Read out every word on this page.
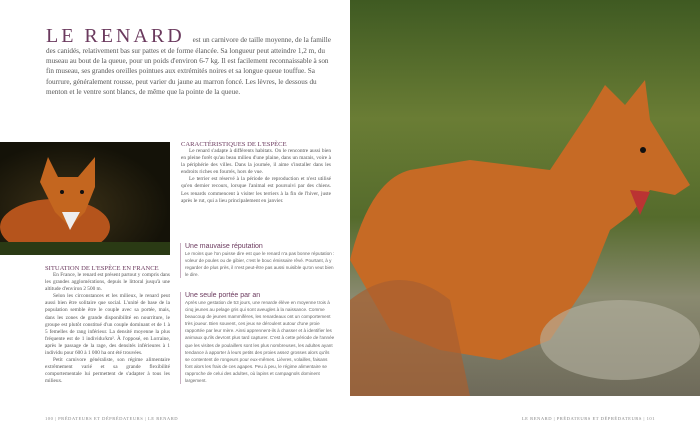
LE RENARD est un carnivore de taille moyenne, de la famille des canidés, relativement bas sur pattes et de forme élancée. Sa longueur peut atteindre 1,2 m, du museau au bout de la queue, pour un poids d'environ 6-7 kg. Il est facilement reconnaissable à son fin museau, ses grandes oreilles pointues aux extrémités noires et sa longue queue touffue. Sa fourrure, généralement rousse, peut varier du jaune au marron foncé. Les lèvres, le dessous du menton et le ventre sont blancs, de même que la pointe de la queue.
CARACTÉRISTIQUES DE L'ESPÈCE

Le renard s'adapte à différents habitats. On le rencontre aussi bien en pleine forêt qu'au beau milieu d'une plaine, dans un marais, voire à la périphérie des villes. Dans la journée, il aime s'installer dans les endroits riches en fourrés, hors de vue.

Le terrier est réservé à la période de reproduction et n'est utilisé qu'en dernier recours, lorsque l'animal est poursuivi par des chiens. Les renards commencent à visiter les terriers à la fin de l'hiver, juste après le rut, qui a lieu principalement en janvier.

SITUATION DE L'ESPÈCE EN FRANCE

En France, le renard est présent partout y compris dans les grandes agglomérations, depuis le littoral jusqu'à une altitude d'environ 2 500 m.

Selon les circonstances et les milieux, le renard peut aussi bien être solitaire que social. L'unité de base de la population semble être le couple avec sa portée, mais, dans les zones de grande disponibilité en nourriture, le groupe est plutôt constitué d'un couple dominant et de 1 à 5 femelles de rang inférieur. La densité moyenne la plus fréquente est de 1 individu/km². À l'opposé, en Lorraine, après le passage de la rage, des densités inférieures à 1 individu pour 600 à 1 000 ha ont été trouvées.

Petit carnivore généraliste, son régime alimentaire extrêmement varié et sa grande flexibilité comportementale lui permettent de s'adapter à tous les milieux.

Une mauvaise réputation
Le moins que l'on puisse dire est que le renard n'a pas bonne réputation : voleur de poules ou de gibier, c'est le bouc émissaire rêvé. Pourtant, à y regarder de plus près, il n'est peut-être pas aussi nuisible qu'on veut bien le dire.
Une seule portée par an
Après une gestation de 53 jours, une renarde élève en moyenne trois à cinq jeunes au pelage gris qui sont aveugles à la naissance. Comme beaucoup de jeunes mammifères, les renardeaux ont un comportement très joueur. Bien souvent, ces jeux se déroulent autour d'une proie rapportée par leur mère. Ainsi apprennent-ils à chasser et à identifier les animaux qu'ils devront plus tard capturer. C'est à cette période de l'année que les visites de poulaillers sont les plus nombreuses, les adultes ayant tendance à apporter à leurs petits des proies assez grosses alors qu'ils se contentent de rongeurs pour eux-mêmes. Lièvres, volailles, faisans font alors les frais de ces agapes. Peu à peu, le régime alimentaire se rapproche de celui des adultes, où lapins et campagnols dominent largement.
100 | PRÉDATEURS ET DÉPRÉDATEURS | LE RENARD	LE RENARD | PRÉDATEURS ET DÉPRÉDATEURS | 101
